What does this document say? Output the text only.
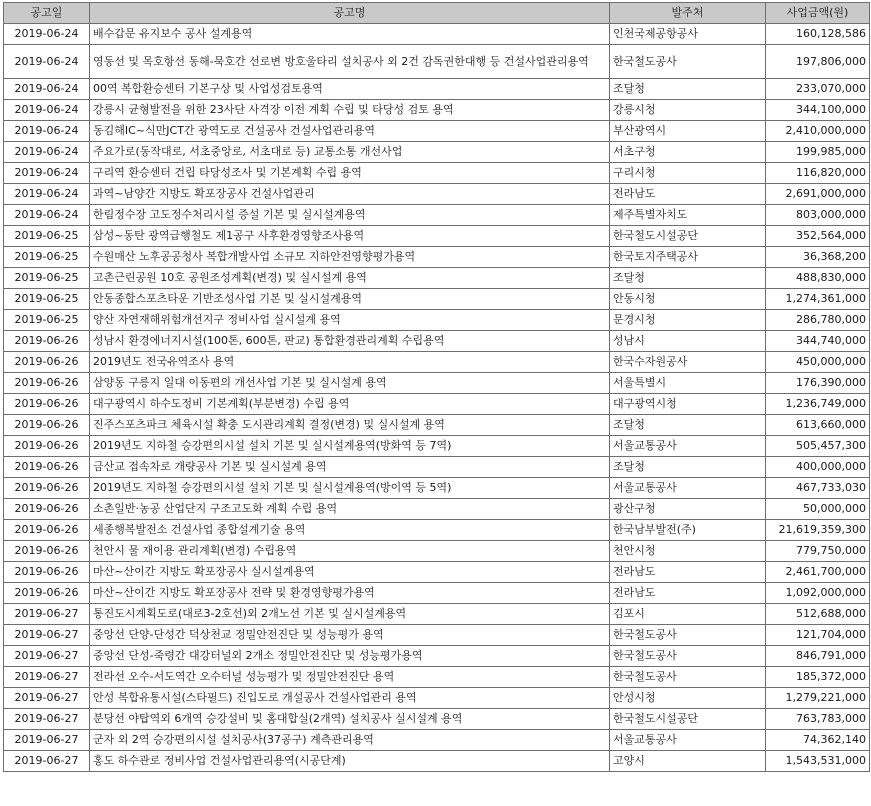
공고일	공고명	발주처	사업금액(원)
2019-06-24	배수갑문 유지보수 공사 설계용역	인천국제공항공사	160,128,586
2019-06-24	영동선 및 목호항선 동해-묵호간 선로변 방호울타리 설치공사 외 2건 감독권한대행 등 건설사업관리용역	한국철도공사	197,806,000
2019-06-24	00역 복합환승센터 기본구상 및 사업성검토용역	조달청	233,070,000
2019-06-24	강릉시 균형발전을 위한 23사단 사격장 이전 계획 수립 및 타당성 검토 용역	강릉시청	344,100,000
2019-06-24	동김해IC~식만JCT간 광역도로 건설공사 건설사업관리용역	부산광역시	2,410,000,000
2019-06-24	주요가로(동작대로, 서초중앙로, 서초대로 등) 교통소통 개선사업	서초구청	199,985,000
2019-06-24	구리역 환승센터 건립 타당성조사 및 기본계획 수립 용역	구리시청	116,820,000
2019-06-24	과역~남양간 지방도 확포장공사 건설사업관리	전라남도	2,691,000,000
2019-06-24	한림정수장 고도정수처리시설 증설 기본 및 실시설계용역	제주특별자치도	803,000,000
2019-06-25	삼성~동탄 광역급행철도 제1공구 사후환경영향조사용역	한국철도시설공단	352,564,000
2019-06-25	수원매산 노후공공청사 복합개발사업 소규모 지하안전영향평가용역	한국토지주택공사	36,368,200
2019-06-25	고촌근린공원 10호 공원조성계획(변경) 및 실시설계 용역	조달청	488,830,000
2019-06-25	안동종합스포츠타운 기반조성사업 기본 및 실시설계용역	안동시청	1,274,361,000
2019-06-25	양산 자연재해위험개선지구 정비사업 실시설계 용역	문경시청	286,780,000
2019-06-26	성남시 환경에너지시설(100톤, 600톤, 판교) 통합환경관리계획 수립용역	성남시	344,740,000
2019-06-26	2019년도 전국유역조사 용역	한국수자원공사	450,000,000
2019-06-26	삼양동 구릉지 일대 이동편의 개선사업 기본 및 실시설계 용역	서울특별시	176,390,000
2019-06-26	대구광역시 하수도정비 기본계획(부분변경) 수립 용역	대구광역시청	1,236,749,000
2019-06-26	진주스포츠파크 체육시설 확충 도시관리계획 결정(변경) 및 실시설계 용역	조달청	613,660,000
2019-06-26	2019년도 지하철 승강편의시설 설치 기본 및 실시설계용역(방화역 등 7역)	서울교통공사	505,457,300
2019-06-26	금산교 접속차로 개량공사 기본 및 실시설계 용역	조달청	400,000,000
2019-06-26	2019년도 지하철 승강편의시설 설치 기본 및 실시설계용역(방이역 등 5역)	서울교통공사	467,733,030
2019-06-26	소촌일반·농공 산업단지 구조고도화 계획 수립 용역	광산구청	50,000,000
2019-06-26	세종행복발전소 건설사업 종합설계기술 용역	한국남부발전(주)	21,619,359,300
2019-06-26	천안시 물 재이용 관리계획(변경) 수립용역	천안시청	779,750,000
2019-06-26	마산~산이간 지방도 확포장공사 실시설계용역	전라남도	2,461,700,000
2019-06-26	마산~산이간 지방도 확포장공사 전략 및 환경영향평가용역	전라남도	1,092,000,000
2019-06-27	통진도시계획도로(대로3-2호선)외 2개노선 기본 및 실시설계용역	김포시	512,688,000
2019-06-27	중앙선 단양-단성간 덕상천교 정밀안전진단 및 성능평가 용역	한국철도공사	121,704,000
2019-06-27	중앙선 단성-죽령간 대강터널외 2개소 정밀안전진단 및 성능평가용역	한국철도공사	846,791,000
2019-06-27	전라선 오수-서도역간 오수터널 성능평가 및 정밀안전진단 용역	한국철도공사	185,372,000
2019-06-27	안성 복합유통시설(스타필드) 진입도로 개설공사 건설사업관리 용역	안성시청	1,279,221,000
2019-06-27	분당선 야탑역외 6개역 승강설비 및 홈대합실(2개역) 설치공사 실시설계 용역	한국철도시설공단	763,783,000
2019-06-27	군자 외 2역 승강편의시설 설치공사(37공구) 계측관리용역	서울교통공사	74,362,140
2019-06-27	홍도 하수관로 정비사업 건설사업관리용역(시공단계)	고양시	1,543,531,000
